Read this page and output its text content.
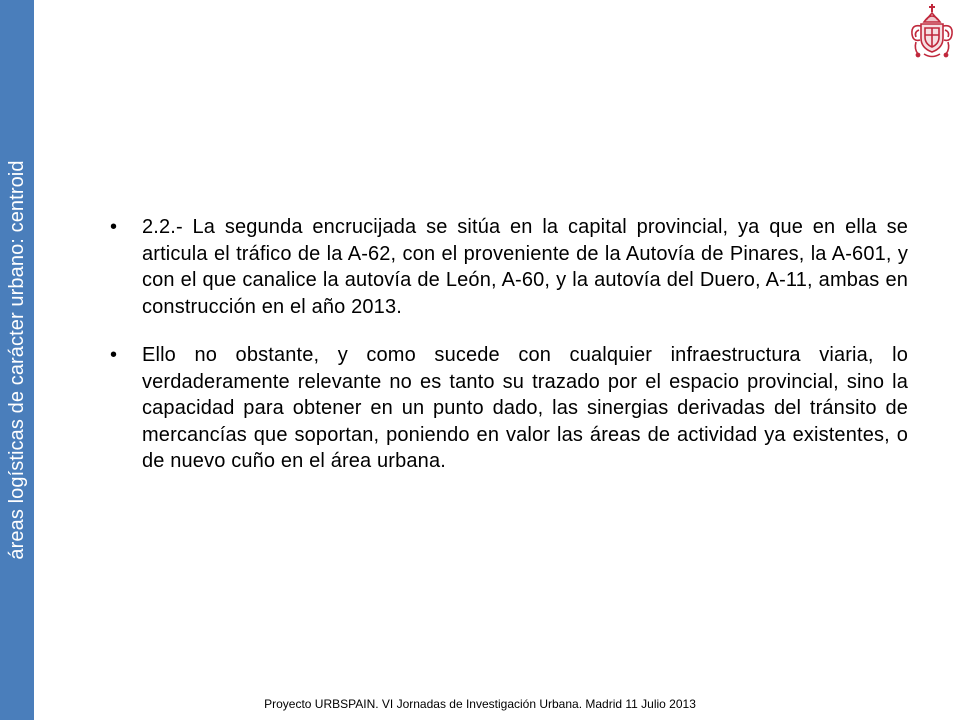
áreas logísticas de carácter urbano: centroid	•	2.2.- La segunda encrucijada se sitúa en la capital provincial, ya que en ella se articula el tráfico de la A-62, con el proveniente de la Autovía de Pinares, la A-601, y con el que canalice la autovía de León, A-60, y la autovía del Duero, A-11, ambas en construcción en el año 2013.
•	Ello no obstante, y como sucede con cualquier infraestructura viaria, lo verdaderamente relevante no es tanto su trazado por el espacio provincial, sino la capacidad para obtener en un punto dado, las sinergias derivadas del tránsito de mercancías que soportan, poniendo en valor las áreas de actividad ya existentes, o de nuevo cuño en el área urbana.
Proyecto URBSPAIN. VI Jornadas de Investigación Urbana. Madrid 11 Julio 2013
